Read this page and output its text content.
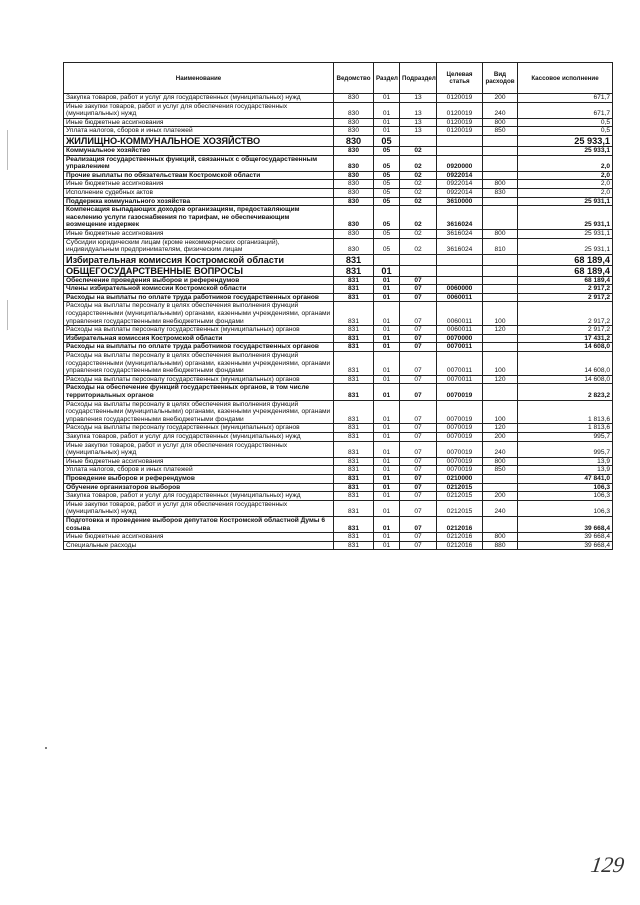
Наименование	Ведомство	Раздел	Подраздел	Целевая статья	Вид расходов	Кассовое исполнение
Закупка товаров, работ и услуг для государственных (муниципальных) нужд	830	01	13	0120019	200	671,7
Иные закупки товаров, работ и услуг для обеспечения государственных (муниципальных) нужд	830	01	13	0120019	240	671,7
Иные бюджетные ассигнования	830	01	13	0120019	800	0,5
Уплата налогов, сборов и иных платежей	830	01	13	0120019	850	0,5
ЖИЛИЩНО-КОММУНАЛЬНОЕ ХОЗЯЙСТВО	830	05				25 933,1
Коммунальное хозяйство	830	05	02			25 933,1
Реализация государственных функций, связанных с общегосударственным управлением	830	05	02	0920000		2,0
Прочие выплаты по обязательствам Костромской области	830	05	02	0922014		2,0
Иные бюджетные ассигнования	830	05	02	0922014	800	2,0
Исполнение судебных актов	830	05	02	0922014	830	2,0
Поддержка коммунального хозяйства	830	05	02	3610000		25 931,1
Компенсация выпадающих доходов организациям, предоставляющим населению услуги газоснабжения по тарифам, не обеспечивающим возмещение издержек	830	05	02	3616024		25 931,1
Иные бюджетные ассигнования	830	05	02	3616024	800	25 931,1
Субсидии юридическим лицам (кроме некоммерческих организаций), индивидуальным предпринимателям, физическим лицам	830	05	02	3616024	810	25 931,1
Избирательная комиссия Костромской области	831					68 189,4
ОБЩЕГОСУДАРСТВЕННЫЕ ВОПРОСЫ	831	01				68 189,4
Обеспечение проведения выборов и референдумов	831	01	07			68 189,4
Члены избирательной комиссии Костромской области	831	01	07	0060000		2 917,2
Расходы на выплаты по оплате труда работников государственных органов	831	01	07	0060011		2 917,2
Расходы на выплаты персоналу в целях обеспечения выполнения функций государственными (муниципальными) органами, казенными учреждениями, органами управления государственными внебюджетными фондами	831	01	07	0060011	100	2 917,2
Расходы на выплаты персоналу государственных (муниципальных) органов	831	01	07	0060011	120	2 917,2
Избирательная комиссия Костромской области	831	01	07	0070000		17 431,2
Расходы на выплаты по оплате труда работников государственных органов	831	01	07	0070011		14 608,0
Расходы на выплаты персоналу в целях обеспечения выполнения функций государственными (муниципальными) органами, казенными учреждениями, органами управления государственными внебюджетными фондами	831	01	07	0070011	100	14 608,0
Расходы на выплаты персоналу государственных (муниципальных) органов	831	01	07	0070011	120	14 608,0
Расходы на обеспечение функций государственных органов, в том числе территориальных органов	831	01	07	0070019		2 823,2
Расходы на выплаты персоналу в целях обеспечения выполнения функций государственными (муниципальными) органами, казенными учреждениями, органами управления государственными внебюджетными фондами	831	01	07	0070019	100	1 813,6
Расходы на выплаты персоналу государственных (муниципальных) органов	831	01	07	0070019	120	1 813,6
Закупка товаров, работ и услуг для государственных (муниципальных) нужд	831	01	07	0070019	200	995,7
Иные закупки товаров, работ и услуг для обеспечения государственных (муниципальных) нужд	831	01	07	0070019	240	995,7
Иные бюджетные ассигнования	831	01	07	0070019	800	13,9
Уплата налогов, сборов и иных платежей	831	01	07	0070019	850	13,9
Проведение выборов и референдумов	831	01	07	0210000		47 841,0
Обучение организаторов выборов	831	01	07	0212015		106,3
Закупка товаров, работ и услуг для государственных (муниципальных) нужд	831	01	07	0212015	200	106,3
Иные закупки товаров, работ и услуг для обеспечения государственных (муниципальных) нужд	831	01	07	0212015	240	106,3
Подготовка и проведение выборов депутатов Костромской областной Думы 6 созыва	831	01	07	0212016		39 668,4
Иные бюджетные ассигнования	831	01	07	0212016	800	39 668,4
Специальные расходы	831	01	07	0212016	880	39 668,4
129
